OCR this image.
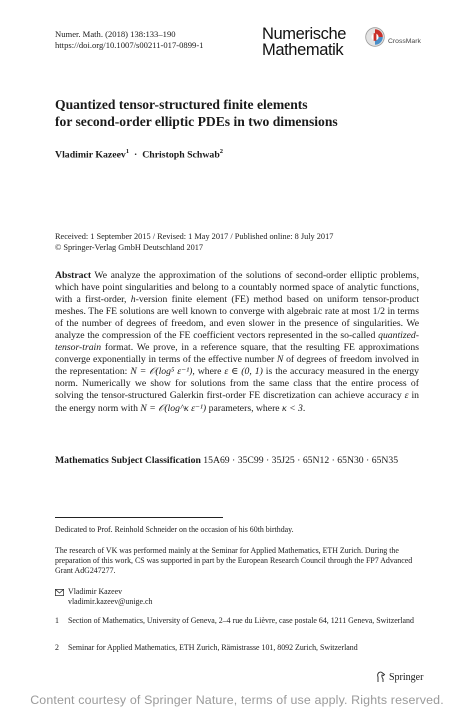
Numer. Math. (2018) 138:133–190
https://doi.org/10.1007/s00211-017-0899-1
Numerische
Mathematik	CrossMark
Quantized tensor-structured finite elements
for second-order elliptic PDEs in two dimensions
Vladimir Kazeev$^1$ · Christoph Schwab$^2$
Received: 1 September 2015 / Revised: 1 May 2017 / Published online: 8 July 2017
© Springer-Verlag GmbH Deutschland 2017
Abstract We analyze the approximation of the solutions of second-order elliptic problems, which have point singularities and belong to a countably normed space of analytic functions, with a first-order, h-version finite element (FE) method based on uniform tensor-product meshes. The FE solutions are well known to converge with algebraic rate at most 1/2 in terms of the number of degrees of freedom, and even slower in the presence of singularities. We analyze the compression of the FE coefficient vectors represented in the so-called quantized-tensor-train format. We prove, in a reference square, that the resulting FE approximations converge exponentially in terms of the effective number N of degrees of freedom involved in the representation: N = 𝒪(log⁵ ε⁻¹), where ε ∈ (0, 1) is the accuracy measured in the energy norm. Numerically we show for solutions from the same class that the entire process of solving the tensor-structured Galerkin first-order FE discretization can achieve accuracy ε in the energy norm with N = 𝒪(log^κ ε⁻¹) parameters, where κ < 3.
Mathematics Subject Classification 15A69 · 35C99 · 35J25 · 65N12 · 65N30 · 65N35
Dedicated to Prof. Reinhold Schneider on the occasion of his 60th birthday.
The research of VK was performed mainly at the Seminar for Applied Mathematics, ETH Zurich. During the preparation of this work, CS was supported in part by the European Research Council through the FP7 Advanced Grant AdG247277.
Vladimir Kazeev
vladimir.kazeev@unige.ch
1 Section of Mathematics, University of Geneva, 2–4 rue du Lièvre, case postale 64, 1211 Geneva, Switzerland
2 Seminar for Applied Mathematics, ETH Zurich, Rämistrasse 101, 8092 Zurich, Switzerland
Springer
Content courtesy of Springer Nature, terms of use apply. Rights reserved.
